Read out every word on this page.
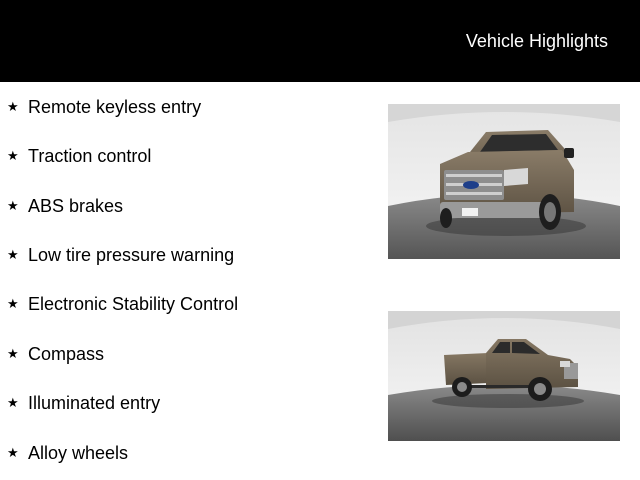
Vehicle Highlights
★ Remote keyless entry
★ Traction control
★ ABS brakes
★ Low tire pressure warning
★ Electronic Stability Control
★ Compass
★ Illuminated entry
★ Alloy wheels
